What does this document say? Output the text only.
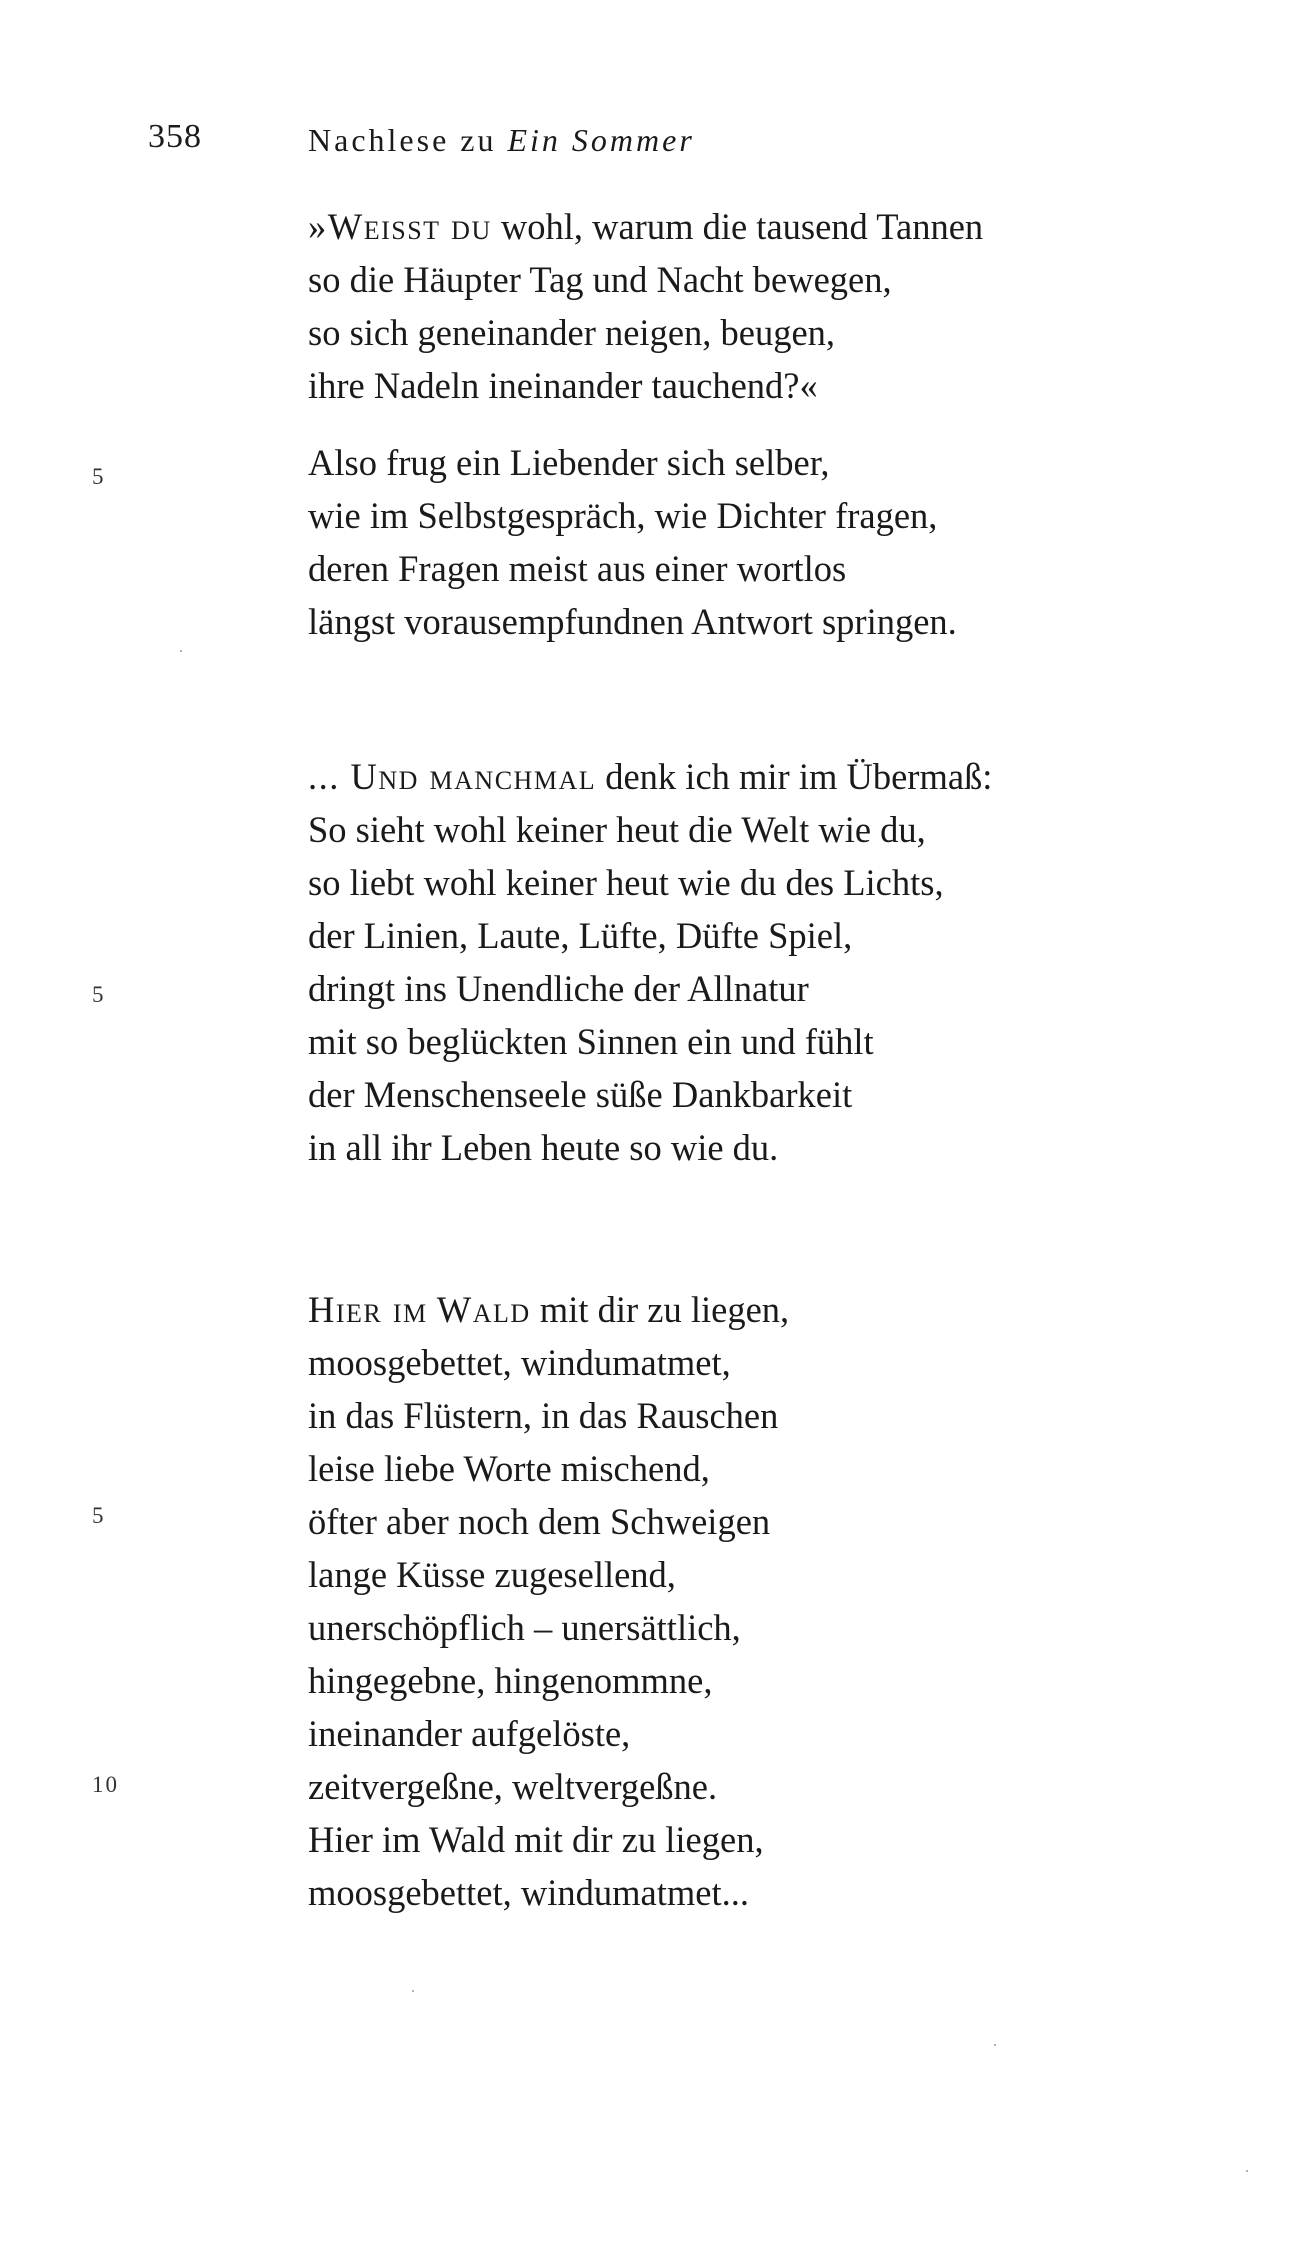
358	Nachlese zu Ein Sommer
»Weisst du wohl, warum die tausend Tannen
so die Häupter Tag und Nacht bewegen,
so sich geneinander neigen, beugen,
ihre Nadeln ineinander tauchend?«
Also frug ein Liebender sich selber,
wie im Selbstgespräch, wie Dichter fragen,
deren Fragen meist aus einer wortlos
längst vorausempfundnen Antwort springen.
5
... Und manchmal denk ich mir im Übermaß:
So sieht wohl keiner heut die Welt wie du,
so liebt wohl keiner heut wie du des Lichts,
der Linien, Laute, Lüfte, Düfte Spiel,
dringt ins Unendliche der Allnatur
mit so beglückten Sinnen ein und fühlt
der Menschenseele süße Dankbarkeit
in all ihr Leben heute so wie du.
5
Hier im Wald mit dir zu liegen,
moosgebettet, windumatmet,
in das Flüstern, in das Rauschen
leise liebe Worte mischend,
öfter aber noch dem Schweigen
lange Küsse zugesellend,
unerschöpflich – unersättlich,
hingegebne, hingenommne,
ineinander aufgelöste,
zeitvergeßne, weltvergeßne.
Hier im Wald mit dir zu liegen,
moosgebettet, windumatmet...
5
10
